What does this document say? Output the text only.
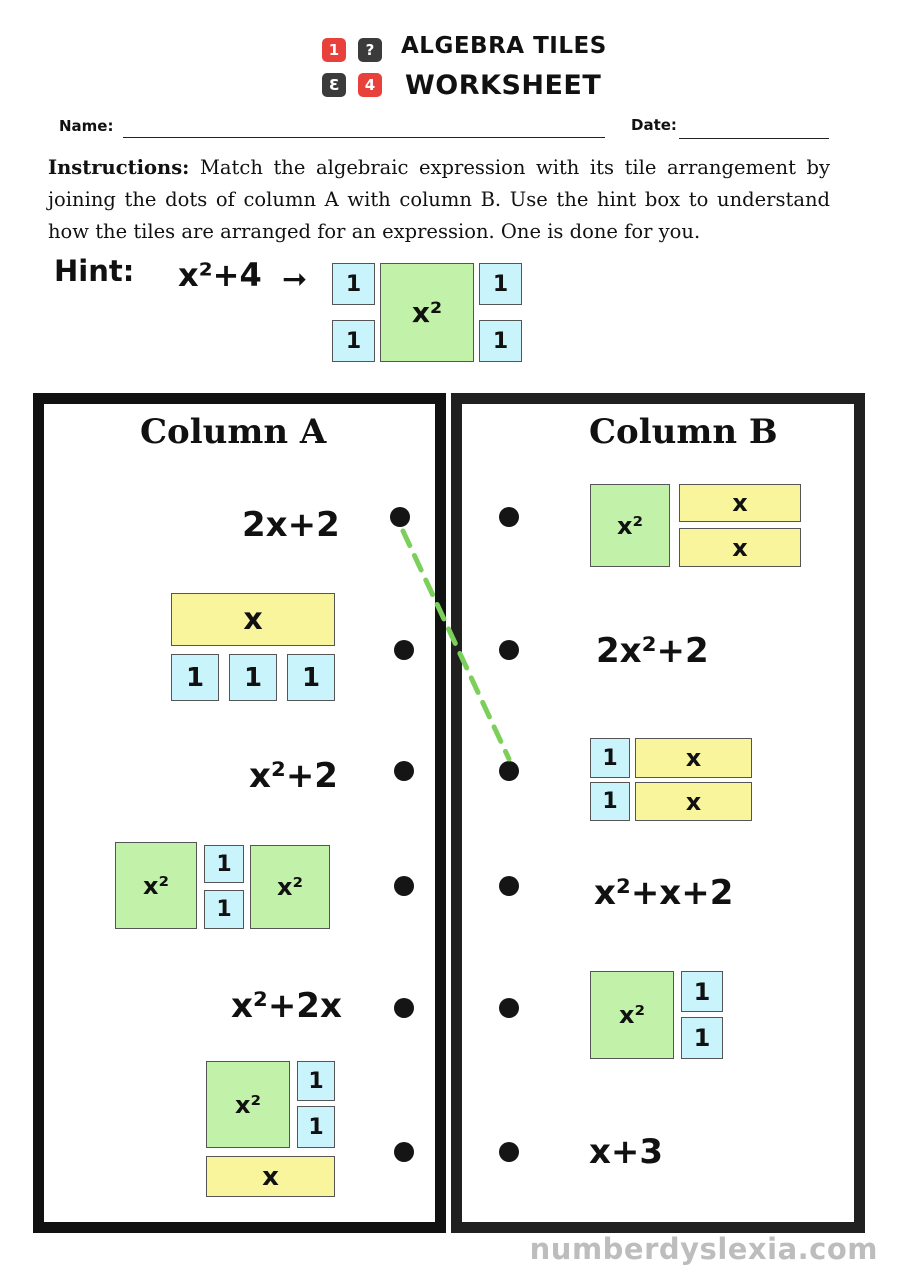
1	?
3	4
ALGEBRA TILES
WORKSHEET
Name:	Date:
Instructions: Match the algebraic expression with its tile arrangement by joining the dots of column A with column B. Use the hint box to understand how the tiles are arranged for an expression. One is done for you.
Hint: x²+4 ➞	1
1
x²
1
1
Column A	Column B
2x+2
x
1	1	1
x²+2
x²
1
1
x²
x²+2x
x²
1
1
x
x²
x
x
2x²+2
1
1
x
x
x²+x+2
x²
1
1
x+3
numberdyslexia.com
